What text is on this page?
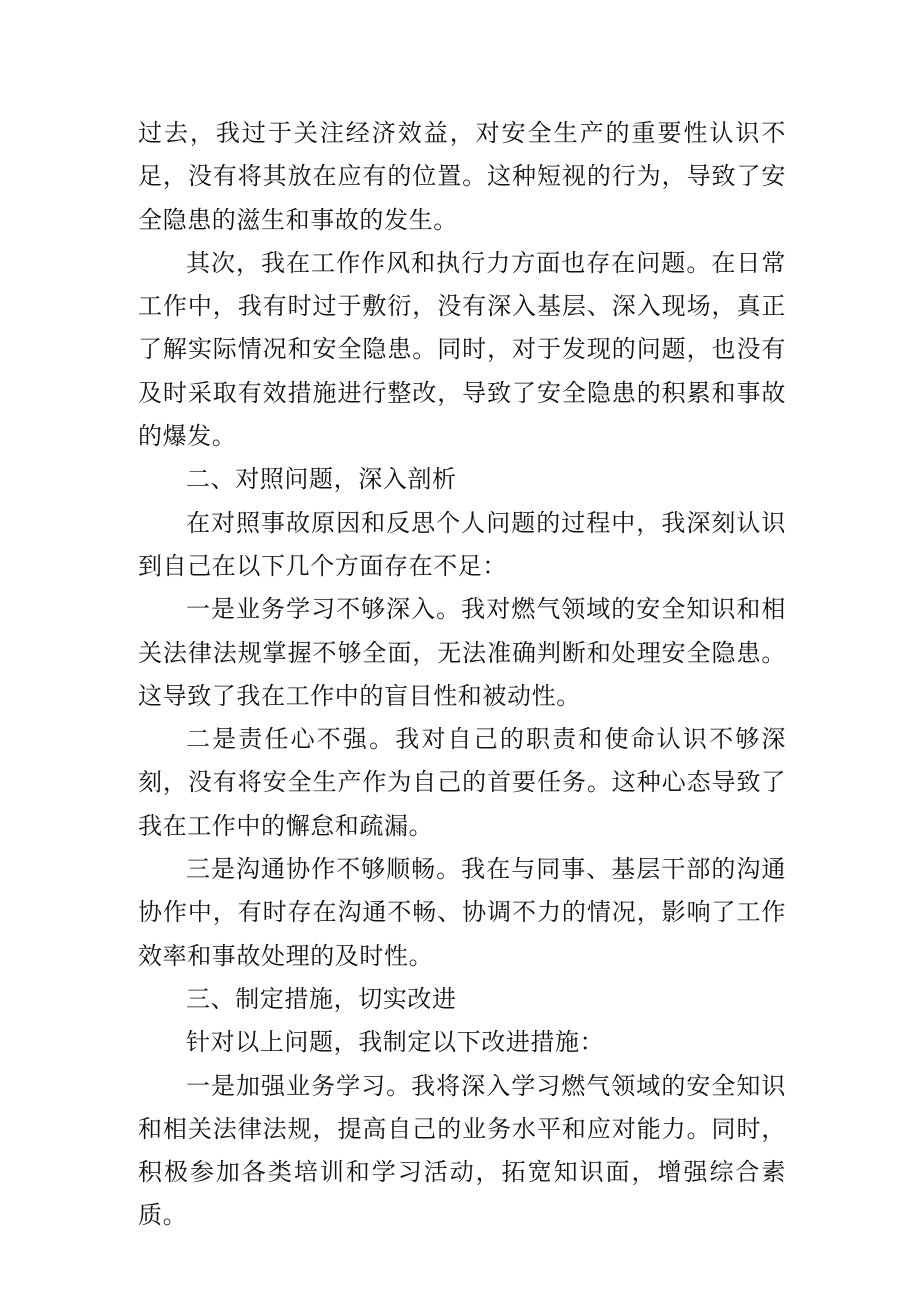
过去，我过于关注经济效益，对安全生产的重要性认识不足，没有将其放在应有的位置。这种短视的行为，导致了安全隐患的滋生和事故的发生。

其次，我在工作作风和执行力方面也存在问题。在日常工作中，我有时过于敷衍，没有深入基层、深入现场，真正了解实际情况和安全隐患。同时，对于发现的问题，也没有及时采取有效措施进行整改，导致了安全隐患的积累和事故的爆发。

二、对照问题，深入剖析

在对照事故原因和反思个人问题的过程中，我深刻认识到自己在以下几个方面存在不足：

一是业务学习不够深入。我对燃气领域的安全知识和相关法律法规掌握不够全面，无法准确判断和处理安全隐患。这导致了我在工作中的盲目性和被动性。

二是责任心不强。我对自己的职责和使命认识不够深刻，没有将安全生产作为自己的首要任务。这种心态导致了我在工作中的懈怠和疏漏。

三是沟通协作不够顺畅。我在与同事、基层干部的沟通协作中，有时存在沟通不畅、协调不力的情况，影响了工作效率和事故处理的及时性。

三、制定措施，切实改进

针对以上问题，我制定以下改进措施：

一是加强业务学习。我将深入学习燃气领域的安全知识和相关法律法规，提高自己的业务水平和应对能力。同时，积极参加各类培训和学习活动，拓宽知识面，增强综合素质。
